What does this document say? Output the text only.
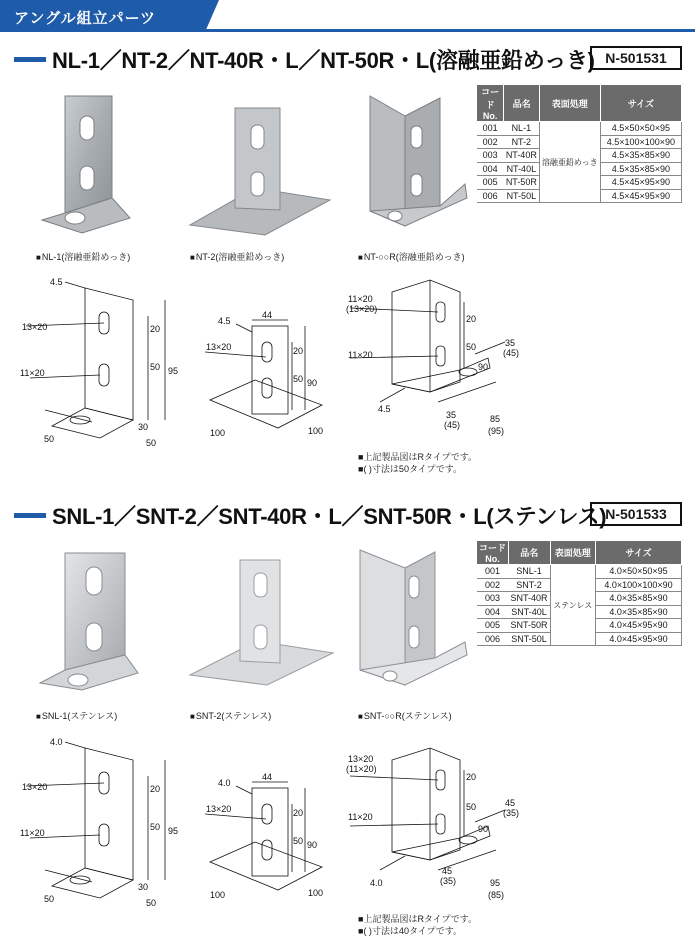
アングル組立パーツ
NL-1／NT-2／NT-40R・L／NT-50R・L(溶融亜鉛めっき) N-501531
コードNo.	品名	表面処理	サイズ
001	NL-1	溶融亜鉛めっき	4.5×50×50×95
002	NT-2		4.5×100×100×90
003	NT-40R		4.5×35×85×90
004	NT-40L		4.5×35×85×90
005	NT-50R		4.5×45×95×90
006	NT-50L		4.5×45×95×90
■ NL-1(溶融亜鉛めっき)	■ NT-2(溶融亜鉛めっき)	■ NT-○○R(溶融亜鉛めっき)
4.5
13×20
11×20
20
50 95
30
50	50
44
4.5
13×20	20
50 90
100	100
11×20
(13×20)
11×20
20
50
90
35
(45)
4.5
35
(45)
85
(95)
■上記製品図はRタイプです。
■( )寸法は50タイプです。
SNL-1／SNT-2／SNT-40R・L／SNT-50R・L(ステンレス) N-501533
コードNo.	品名	表面処理	サイズ
001	SNL-1	ステンレス	4.0×50×50×95
002	SNT-2		4.0×100×100×90
003	SNT-40R		4.0×35×85×90
004	SNT-40L		4.0×35×85×90
005	SNT-50R		4.0×45×95×90
006	SNT-50L		4.0×45×95×90
■ SNL-1(ステンレス)	■ SNT-2(ステンレス)	■ SNT-○○R(ステンレス)
4.0
13×20
11×20
20
50 95
30
50	50
44
4.0
13×20	20
50 90
100	100
13×20
(11×20)
11×20
20
50
90
45
(35)
4.0
45
(35)	95
(85)
■上記製品図はRタイプです。
■( )寸法は40タイプです。
